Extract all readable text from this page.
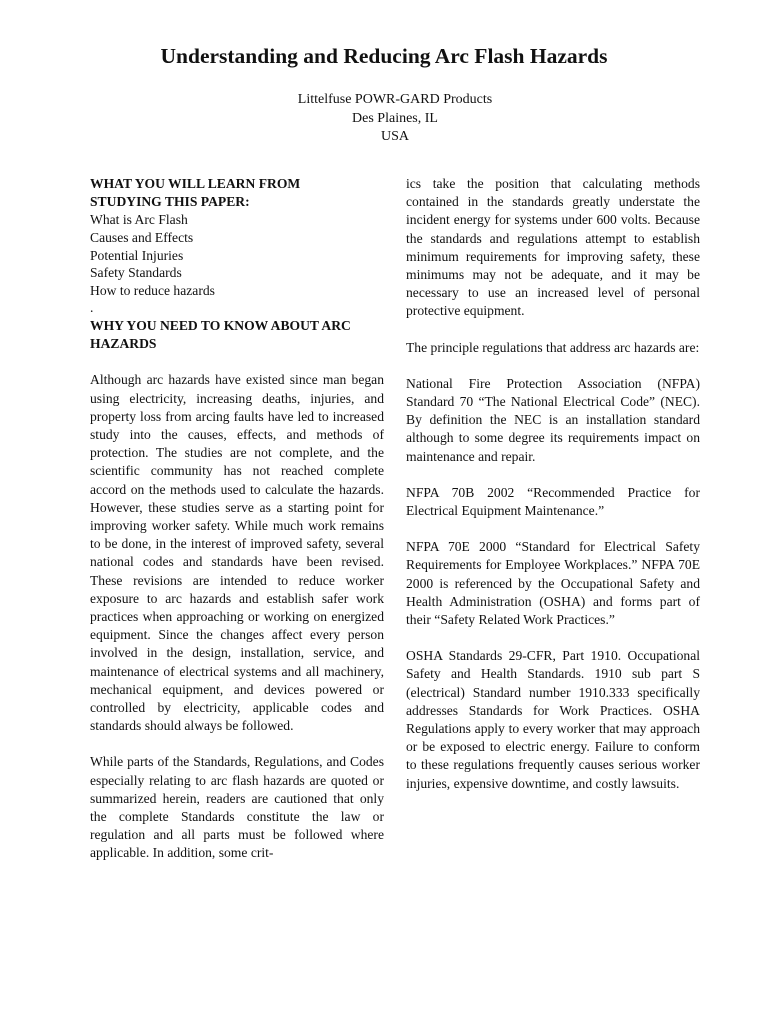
Understanding and Reducing Arc Flash Hazards
Littelfuse POWR-GARD Products
Des Plaines, IL
USA
WHAT YOU WILL LEARN FROM
STUDYING THIS PAPER:
What is Arc Flash
Causes and Effects
Potential Injuries
Safety Standards
How to reduce hazards
.
WHY YOU NEED TO KNOW ABOUT ARC
HAZARDS

Although arc hazards have existed since man began using electricity, increasing deaths, injuries, and property loss from arcing faults have led to increased study into the causes, effects, and methods of protection. The studies are not complete, and the scientific community has not reached complete accord on the methods used to calculate the hazards. However, these studies serve as a starting point for improving worker safety. While much work remains to be done, in the interest of improved safety, several national codes and standards have been revised. These revisions are intended to reduce worker exposure to arc hazards and establish safer work practices when approaching or working on energized equipment. Since the changes affect every person involved in the design, installation, service, and maintenance of electrical systems and all machinery, mechanical equipment, and devices powered or controlled by electricity, applicable codes and standards should always be followed.

While parts of the Standards, Regulations, and Codes especially relating to arc flash hazards are quoted or summarized herein, readers are cautioned that only the complete Standards constitute the law or regulation and all parts must be followed where applicable. In addition, some crit-

ics take the position that calculating methods contained in the standards greatly understate the incident energy for systems under 600 volts. Because the standards and regulations attempt to establish minimum requirements for improving safety, these minimums may not be adequate, and it may be necessary to use an increased level of personal protective equipment.

The principle regulations that address arc hazards are:

National Fire Protection Association (NFPA) Standard 70 “The National Electrical Code” (NEC). By definition the NEC is an installation standard although to some degree its requirements impact on maintenance and repair.

NFPA 70B 2002 “Recommended Practice for Electrical Equipment Maintenance.”

NFPA 70E 2000 “Standard for Electrical Safety Requirements for Employee Workplaces.” NFPA 70E 2000 is referenced by the Occupational Safety and Health Administration (OSHA) and forms part of their “Safety Related Work Practices.”

OSHA Standards 29-CFR, Part 1910. Occupational Safety and Health Standards. 1910 sub part S (electrical) Standard number 1910.333 specifically addresses Standards for Work Practices. OSHA Regulations apply to every worker that may approach or be exposed to electric energy. Failure to conform to these regulations frequently causes serious worker injuries, expensive downtime, and costly lawsuits.
